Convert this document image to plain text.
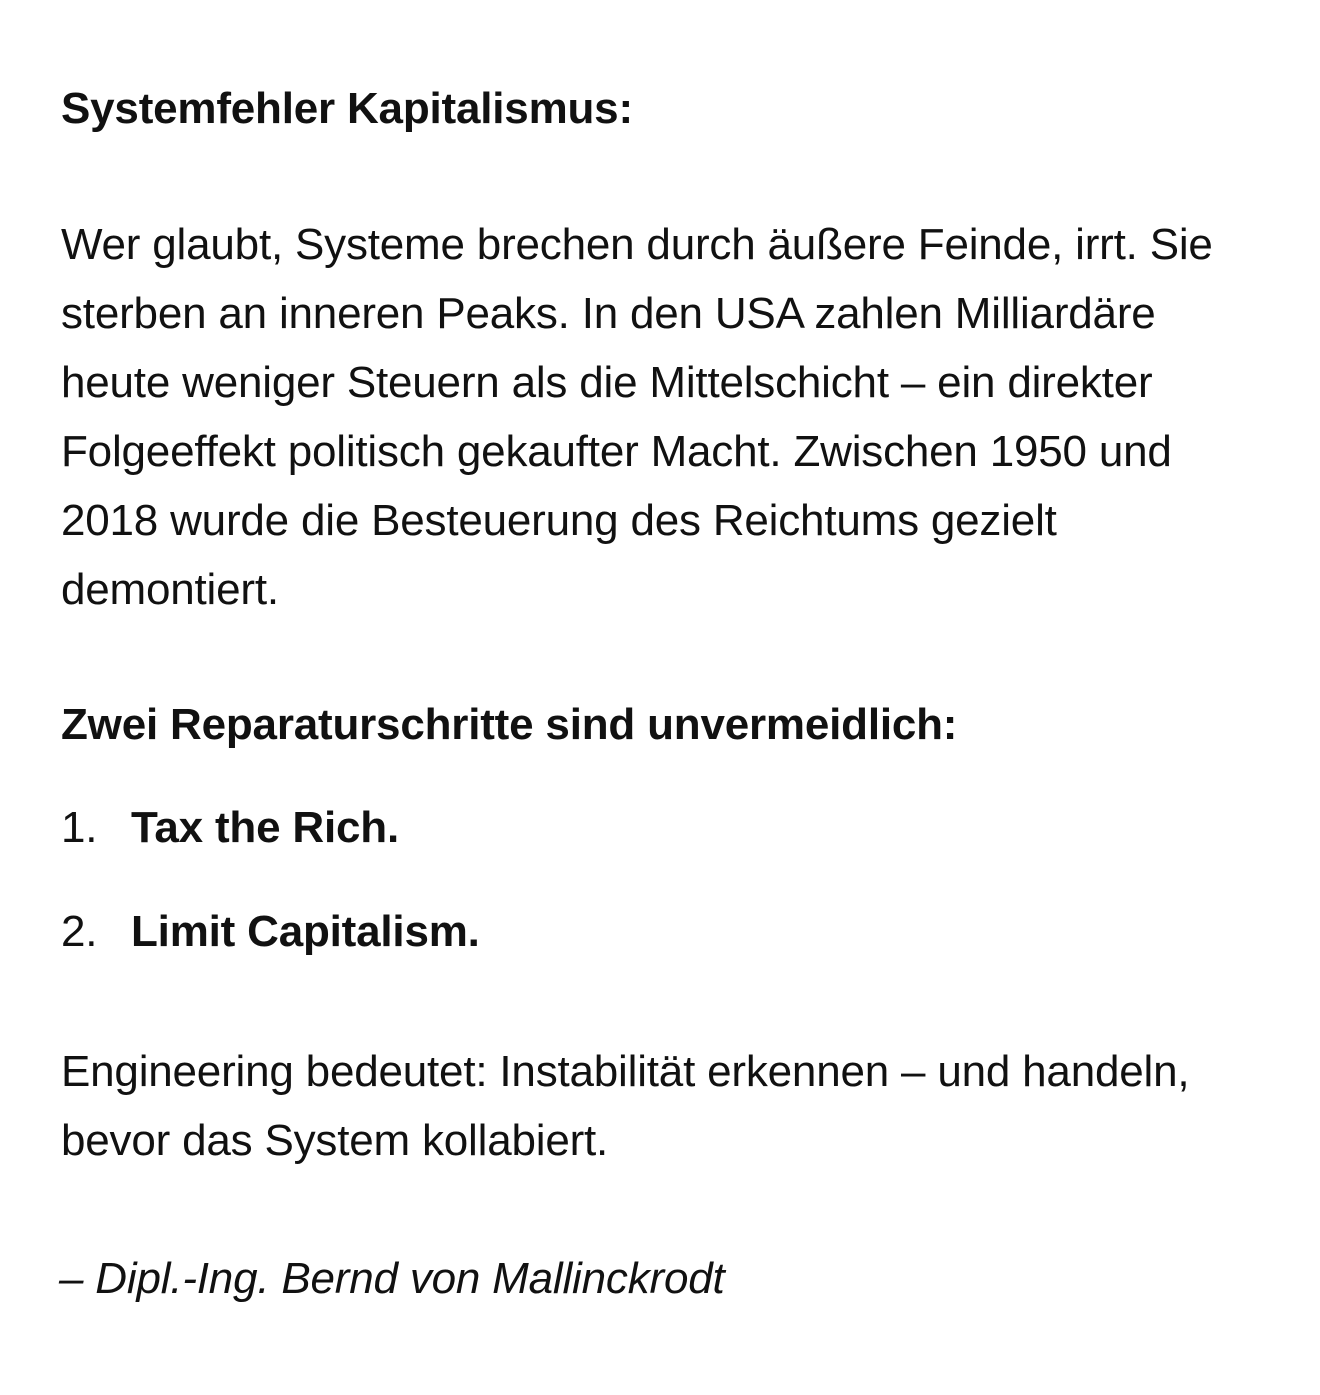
Systemfehler Kapitalismus:

Wer glaubt, Systeme brechen durch äußere Feinde, irrt. Sie sterben an inneren Peaks. In den USA zahlen Milliardäre heute weniger Steuern als die Mittelschicht – ein direkter Folgeeffekt politisch gekaufter Macht. Zwischen 1950 und 2018 wurde die Besteuerung des Reichtums gezielt demontiert.

Zwei Reparaturschritte sind unvermeidlich:
1. Tax the Rich.
2. Limit Capitalism.

Engineering bedeutet: Instabilität erkennen – und handeln, bevor das System kollabiert.

– Dipl.-Ing. Bernd von Mallinckrodt
